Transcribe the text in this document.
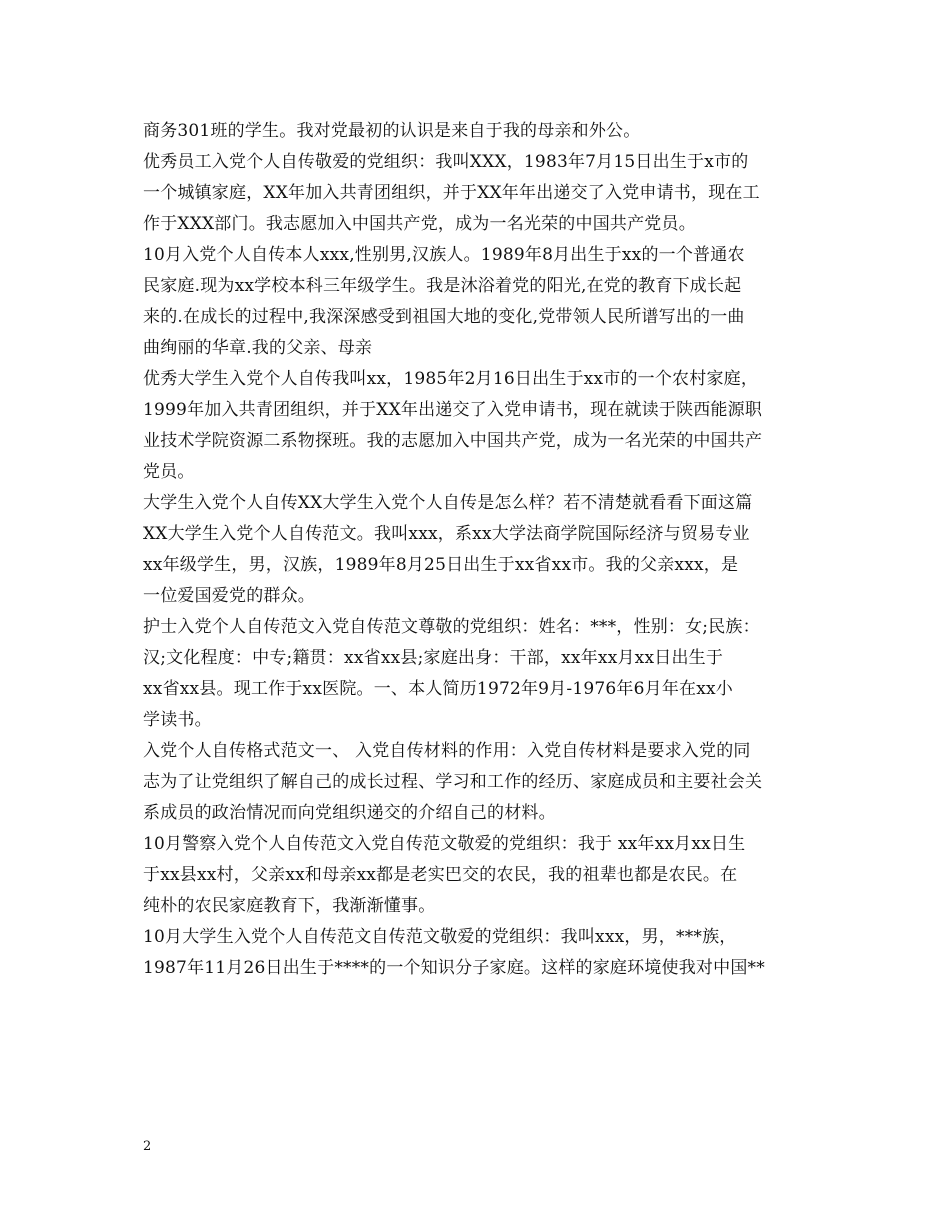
商务301班的学生。我对党最初的认识是来自于我的母亲和外公。
优秀员工入党个人自传敬爱的党组织：我叫XXX，1983年7月15日出生于x市的
一个城镇家庭，XX年加入共青团组织，并于XX年年出递交了入党申请书，现在工
作于XXX部门。我志愿加入中国共产党，成为一名光荣的中国共产党员。
10月入党个人自传本人xxx,性别男,汉族人。1989年8月出生于xx的一个普通农
民家庭.现为xx学校本科三年级学生。我是沐浴着党的阳光,在党的教育下成长起
来的.在成长的过程中,我深深感受到祖国大地的变化,党带领人民所谱写出的一曲
曲绚丽的华章.我的父亲、母亲
优秀大学生入党个人自传我叫xx，1985年2月16日出生于xx市的一个农村家庭，
1999年加入共青团组织，并于XX年出递交了入党申请书，现在就读于陕西能源职
业技术学院资源二系物探班。我的志愿加入中国共产党，成为一名光荣的中国共产
党员。
大学生入党个人自传XX大学生入党个人自传是怎么样？若不清楚就看看下面这篇
XX大学生入党个人自传范文。我叫xxx，系xx大学法商学院国际经济与贸易专业
xx年级学生，男，汉族，1989年8月25日出生于xx省xx市。我的父亲xxx，是
一位爱国爱党的群众。
护士入党个人自传范文入党自传范文尊敬的党组织：姓名：***，性别：女;民族：
汉;文化程度：中专;籍贯：xx省xx县;家庭出身：干部，xx年xx月xx日出生于
xx省xx县。现工作于xx医院。一、本人简历1972年9月-1976年6月年在xx小
学读书。
入党个人自传格式范文一、 入党自传材料的作用：入党自传材料是要求入党的同
志为了让党组织了解自己的成长过程、学习和工作的经历、家庭成员和主要社会关
系成员的政治情况而向党组织递交的介绍自己的材料。
10月警察入党个人自传范文入党自传范文敬爱的党组织：我于 xx年xx月xx日生
于xx县xx村，父亲xx和母亲xx都是老实巴交的农民，我的祖辈也都是农民。在
纯朴的农民家庭教育下，我渐渐懂事。
10月大学生入党个人自传范文自传范文敬爱的党组织：我叫xxx，男，***族，
1987年11月26日出生于****的一个知识分子家庭。这样的家庭环境使我对中国**
2
